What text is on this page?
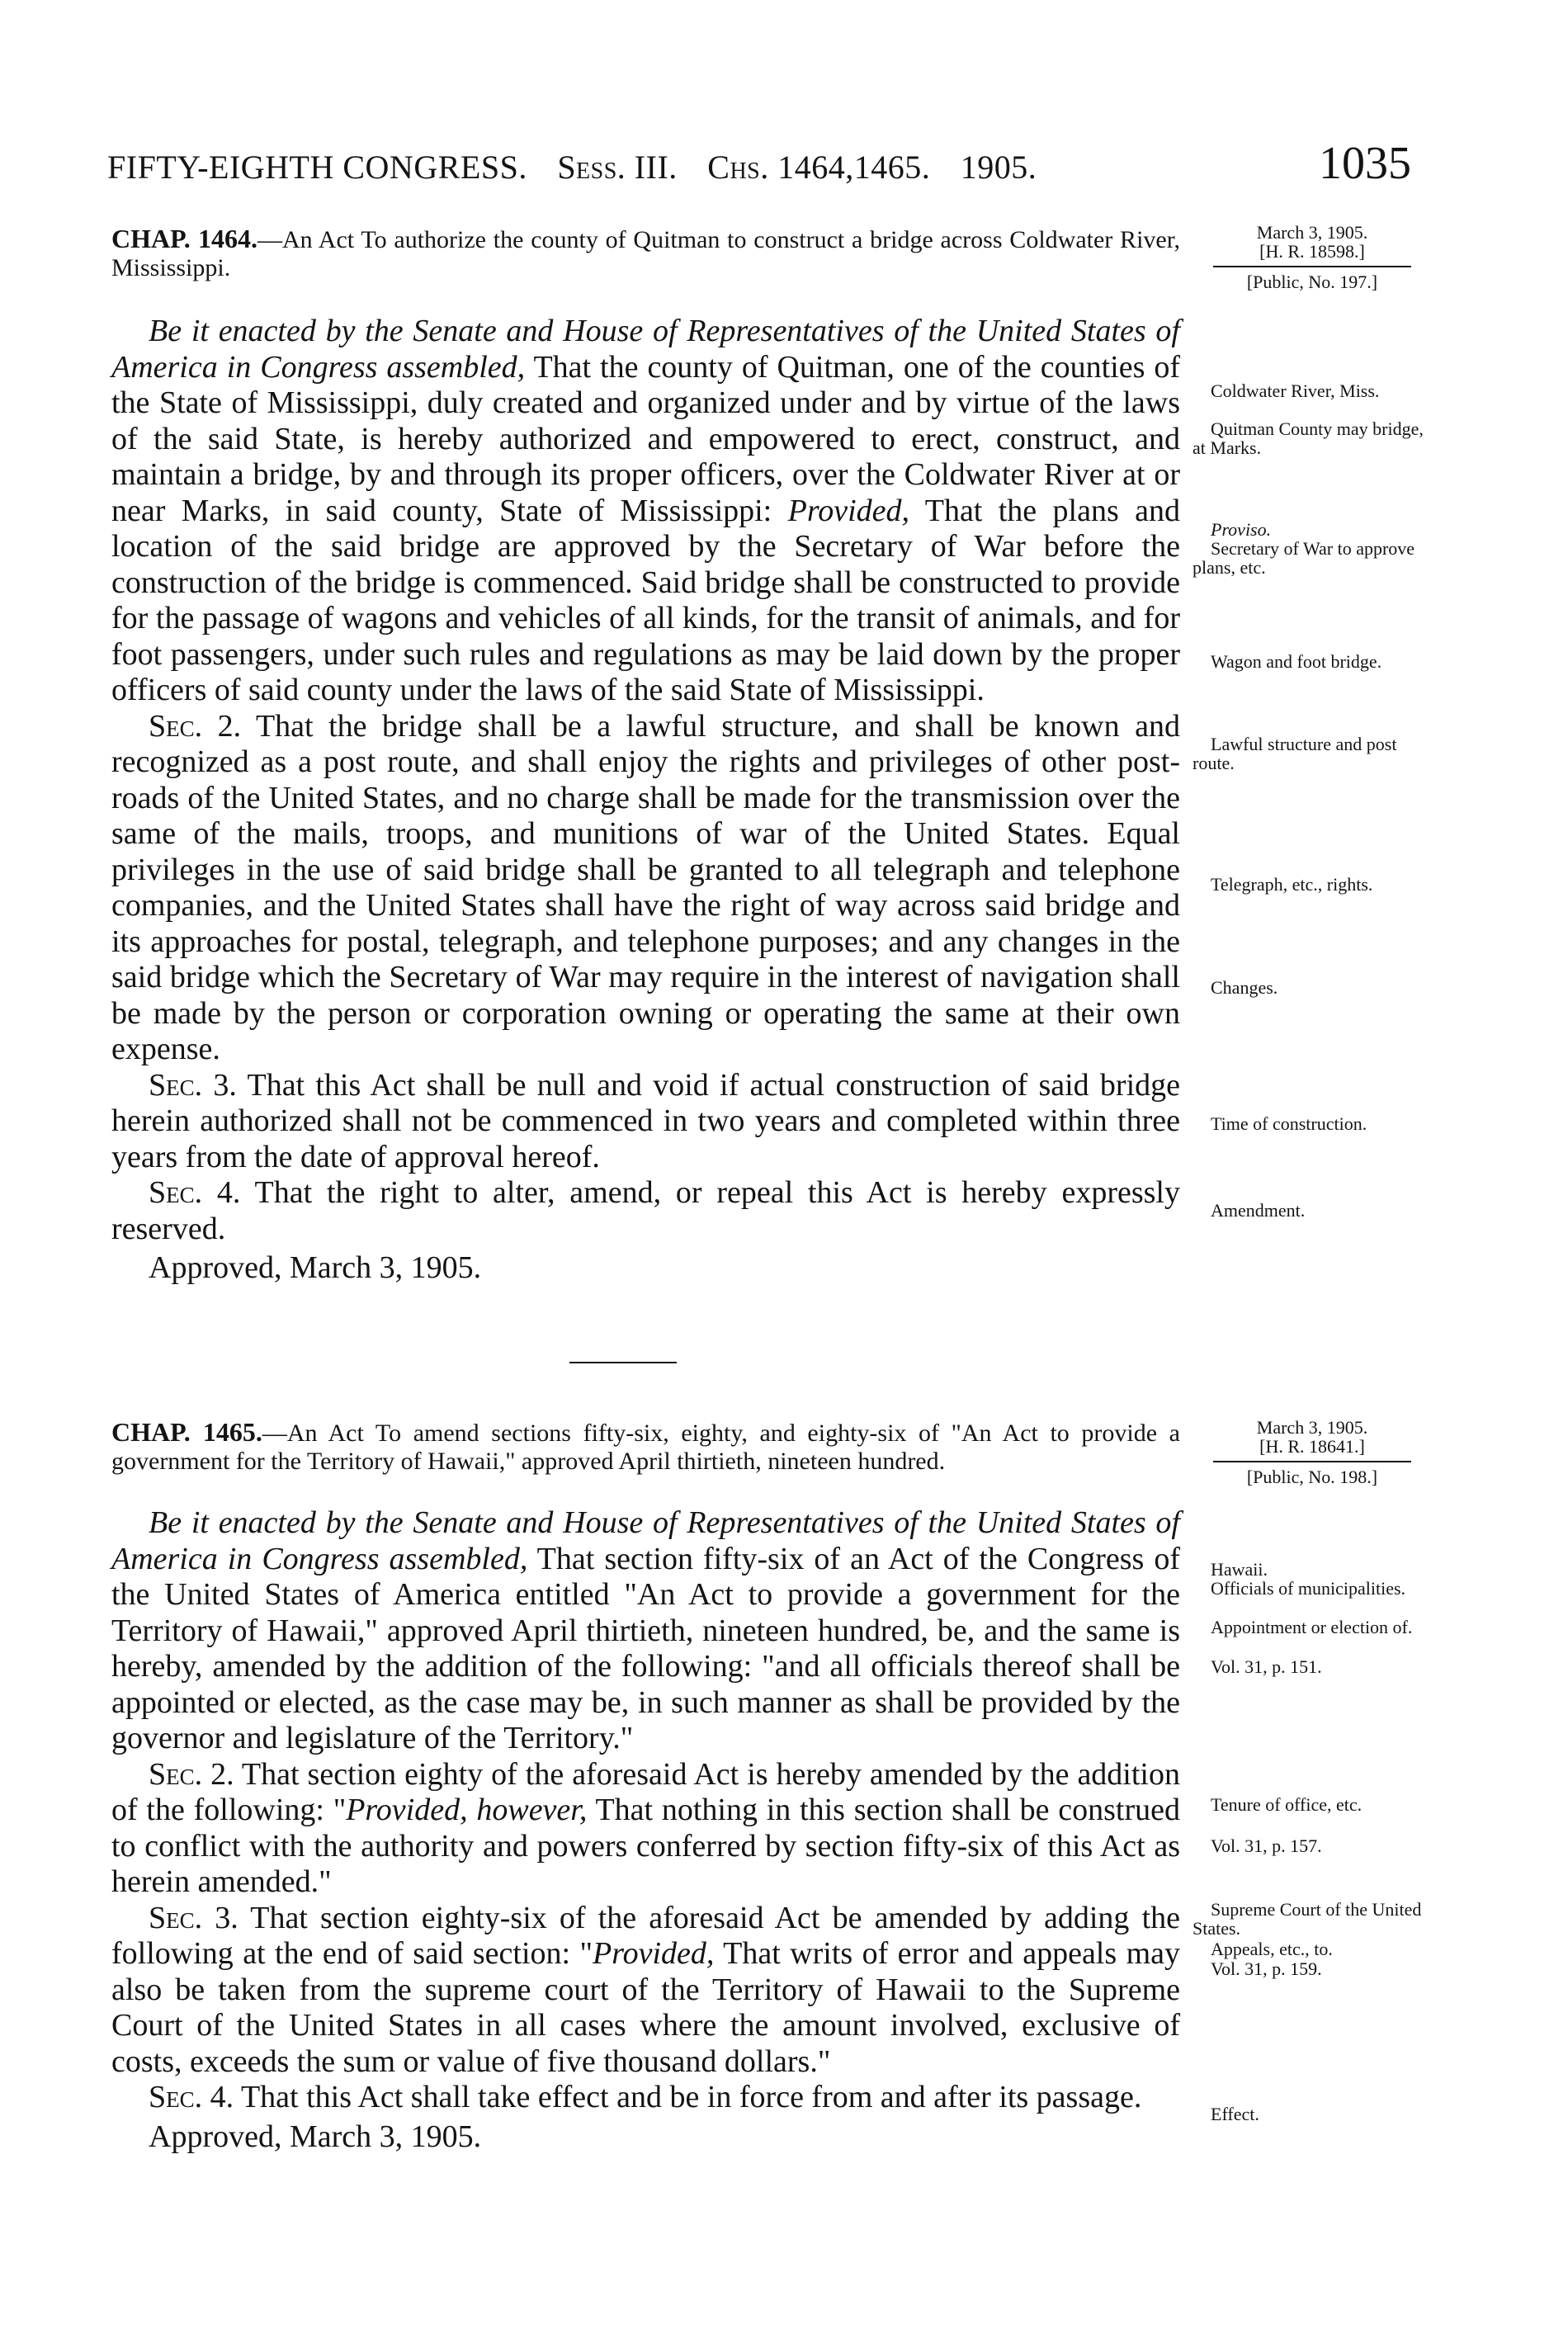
FIFTY-EIGHTH CONGRESS. Sess. III. Chs. 1464,1465. 1905.	1035

CHAP. 1464.—An Act To authorize the county of Quitman to construct a bridge across Coldwater River, Mississippi.

Be it enacted by the Senate and House of Representatives of the United States of America in Congress assembled, That the county of Quitman, one of the counties of the State of Mississippi, duly created and organized under and by virtue of the laws of the said State, is hereby authorized and empowered to erect, construct, and maintain a bridge, by and through its proper officers, over the Coldwater River at or near Marks, in said county, State of Mississippi: Provided, That the plans and location of the said bridge are approved by the Secretary of War before the construction of the bridge is commenced. Said bridge shall be constructed to provide for the passage of wagons and vehicles of all kinds, for the transit of animals, and for foot passengers, under such rules and regulations as may be laid down by the proper officers of said county under the laws of the said State of Mississippi.

Sec. 2. That the bridge shall be a lawful structure, and shall be known and recognized as a post route, and shall enjoy the rights and privileges of other post-roads of the United States, and no charge shall be made for the transmission over the same of the mails, troops, and munitions of war of the United States. Equal privileges in the use of said bridge shall be granted to all telegraph and telephone companies, and the United States shall have the right of way across said bridge and its approaches for postal, telegraph, and telephone purposes; and any changes in the said bridge which the Secretary of War may require in the interest of navigation shall be made by the person or corporation owning or operating the same at their own expense.

Sec. 3. That this Act shall be null and void if actual construction of said bridge herein authorized shall not be commenced in two years and completed within three years from the date of approval hereof.

Sec. 4. That the right to alter, amend, or repeal this Act is hereby expressly reserved.

Approved, March 3, 1905.

March 3, 1905.
[H. R. 18598.]
[Public, No. 197.]

Coldwater River, Miss.

Quitman County may bridge, at Marks.

Proviso.

Secretary of War to approve plans, etc.

Wagon and foot bridge.

Lawful structure and post route.

Telegraph, etc., rights.

Changes.

Time of construction.

Amendment.

CHAP. 1465.—An Act To amend sections fifty-six, eighty, and eighty-six of "An Act to provide a government for the Territory of Hawaii," approved April thirtieth, nineteen hundred.

Be it enacted by the Senate and House of Representatives of the United States of America in Congress assembled, That section fifty-six of an Act of the Congress of the United States of America entitled "An Act to provide a government for the Territory of Hawaii," approved April thirtieth, nineteen hundred, be, and the same is hereby, amended by the addition of the following: "and all officials thereof shall be appointed or elected, as the case may be, in such manner as shall be provided by the governor and legislature of the Territory."

Sec. 2. That section eighty of the aforesaid Act is hereby amended by the addition of the following: "Provided, however, That nothing in this section shall be construed to conflict with the authority and powers conferred by section fifty-six of this Act as herein amended."

Sec. 3. That section eighty-six of the aforesaid Act be amended by adding the following at the end of said section: "Provided, That writs of error and appeals may also be taken from the supreme court of the Territory of Hawaii to the Supreme Court of the United States in all cases where the amount involved, exclusive of costs, exceeds the sum or value of five thousand dollars."

Sec. 4. That this Act shall take effect and be in force from and after its passage.

Approved, March 3, 1905.

March 3, 1905.
[H. R. 18641.]
[Public, No. 198.]

Hawaii.

Officials of municipalities.

Appointment or election of.

Vol. 31, p. 151.

Tenure of office, etc.

Vol. 31, p. 157.

Supreme Court of the United States.

Appeals, etc., to.

Vol. 31, p. 159.

Effect.
